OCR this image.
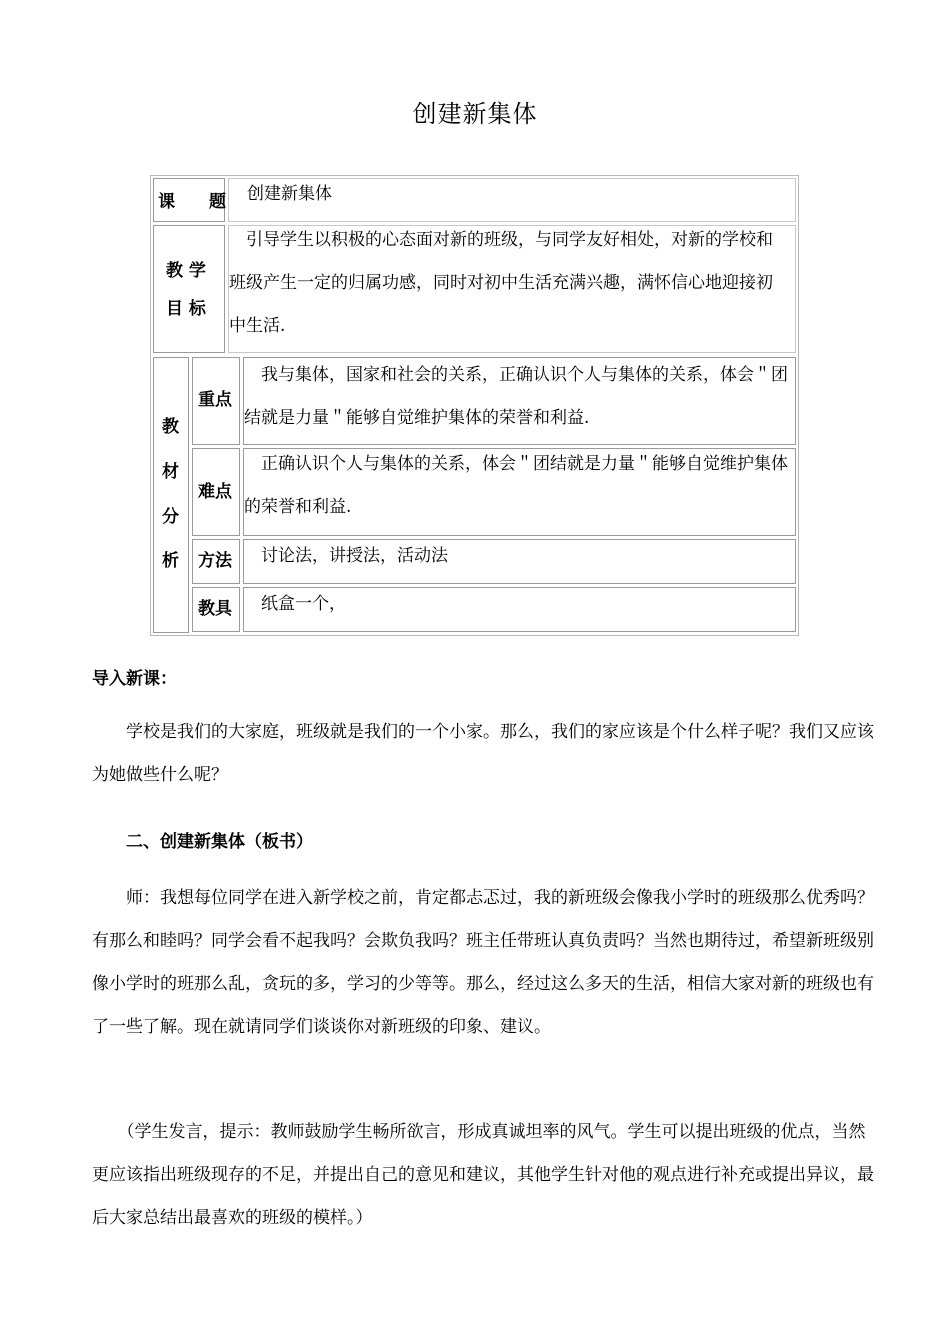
创建新集体
课　　题 创建新集体
教 学
目 标
　引导学生以积极的心态面对新的班级，与同学友好相处，对新的学校和班级产生一定的归属功感，同时对初中生活充满兴趣，满怀信心地迎接初中生活.
教
材
分
析
重点
　我与集体，国家和社会的关系，正确认识个人与集体的关系，体会＂团结就是力量＂能够自觉维护集体的荣誉和利益.
难点
　正确认识个人与集体的关系，体会＂团结就是力量＂能够自觉维护集体的荣誉和利益.
方法 　讨论法，讲授法，活动法
教具 　纸盒一个，
导入新课：
　　学校是我们的大家庭，班级就是我们的一个小家。那么，我们的家应该是个什么样子呢？我们又应该为她做些什么呢？
　　二、创建新集体（板书）
　　师：我想每位同学在进入新学校之前，肯定都忐忑过，我的新班级会像我小学时的班级那么优秀吗？有那么和睦吗？同学会看不起我吗？会欺负我吗？班主任带班认真负责吗？当然也期待过，希望新班级别像小学时的班那么乱，贪玩的多，学习的少等等。那么，经过这么多天的生活，相信大家对新的班级也有了一些了解。现在就请同学们谈谈你对新班级的印象、建议。
　　（学生发言，提示：教师鼓励学生畅所欲言，形成真诚坦率的风气。学生可以提出班级的优点，当然更应该指出班级现存的不足，并提出自己的意见和建议，其他学生针对他的观点进行补充或提出异议，最后大家总结出最喜欢的班级的模样。）
